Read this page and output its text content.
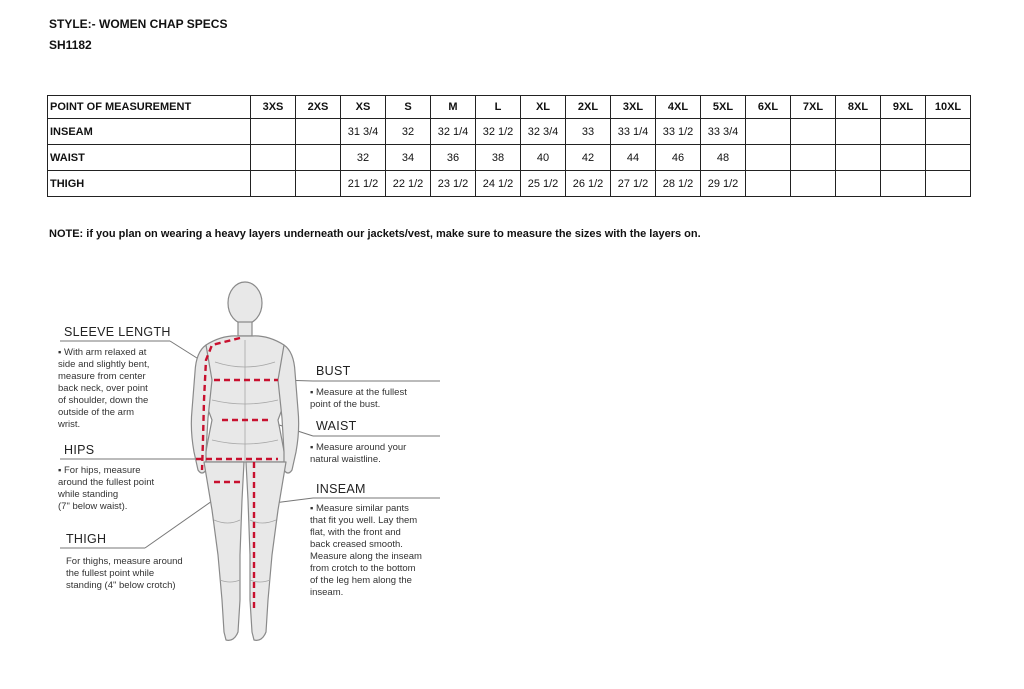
STYLE:- WOMEN CHAP SPECS
SH1182
POINT OF MEASUREMENT	3XS	2XS	XS	S	M	L	XL	2XL	3XL	4XL	5XL	6XL	7XL	8XL	9XL	10XL
INSEAM			31 3/4	32	32 1/4	32 1/2	32 3/4	33	33 1/4	33 1/2	33 3/4					
WAIST			32	34	36	38	40	42	44	46	48					
THIGH			21 1/2	22 1/2	23 1/2	24 1/2	25 1/2	26 1/2	27 1/2	28 1/2	29 1/2					
NOTE: if you plan on wearing a heavy layers underneath our jackets/vest, make sure to measure the sizes with the layers on.
SLEEVE LENGTH
▪ With arm relaxed at
side and slightly bent,
measure from center
back neck, over point
of shoulder, down the
outside of the arm
wrist.
HIPS
▪ For hips, measure
around the fullest point
while standing
(7" below waist).
THIGH
For thighs, measure around
the fullest point while
standing (4" below crotch)
BUST
▪ Measure at the fullest
point of the bust.
WAIST
▪ Measure around your
natural waistline.
INSEAM
▪ Measure similar pants
that fit you well. Lay them
flat, with the front and
back creased smooth.
Measure along the inseam
from crotch to the bottom
of the leg hem along the
inseam.
